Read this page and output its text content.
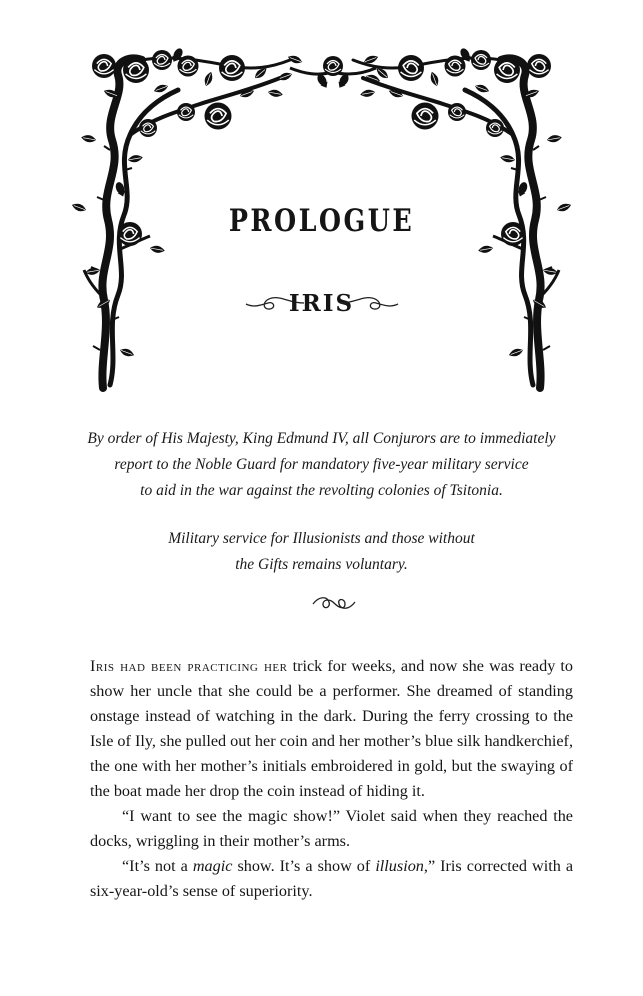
PROLOGUE
IRIS
By order of His Majesty, King Edmund IV, all Conjurors are to immediately
report to the Noble Guard for mandatory five-year military service
to aid in the war against the revolting colonies of Tsitonia.
Military service for Illusionists and those without
the Gifts remains voluntary.

Iris had been practicing her trick for weeks, and now she was ready to show her uncle that she could be a performer. She dreamed of standing onstage instead of watching in the dark. During the ferry crossing to the Isle of Ily, she pulled out her coin and her mother’s blue silk handkerchief, the one with her mother’s initials embroidered in gold, but the swaying of the boat made her drop the coin instead of hiding it.

“I want to see the magic show!” Violet said when they reached the docks, wriggling in their mother’s arms.

“It’s not a magic show. It’s a show of illusion,” Iris corrected with a six-year-old’s sense of superiority.
